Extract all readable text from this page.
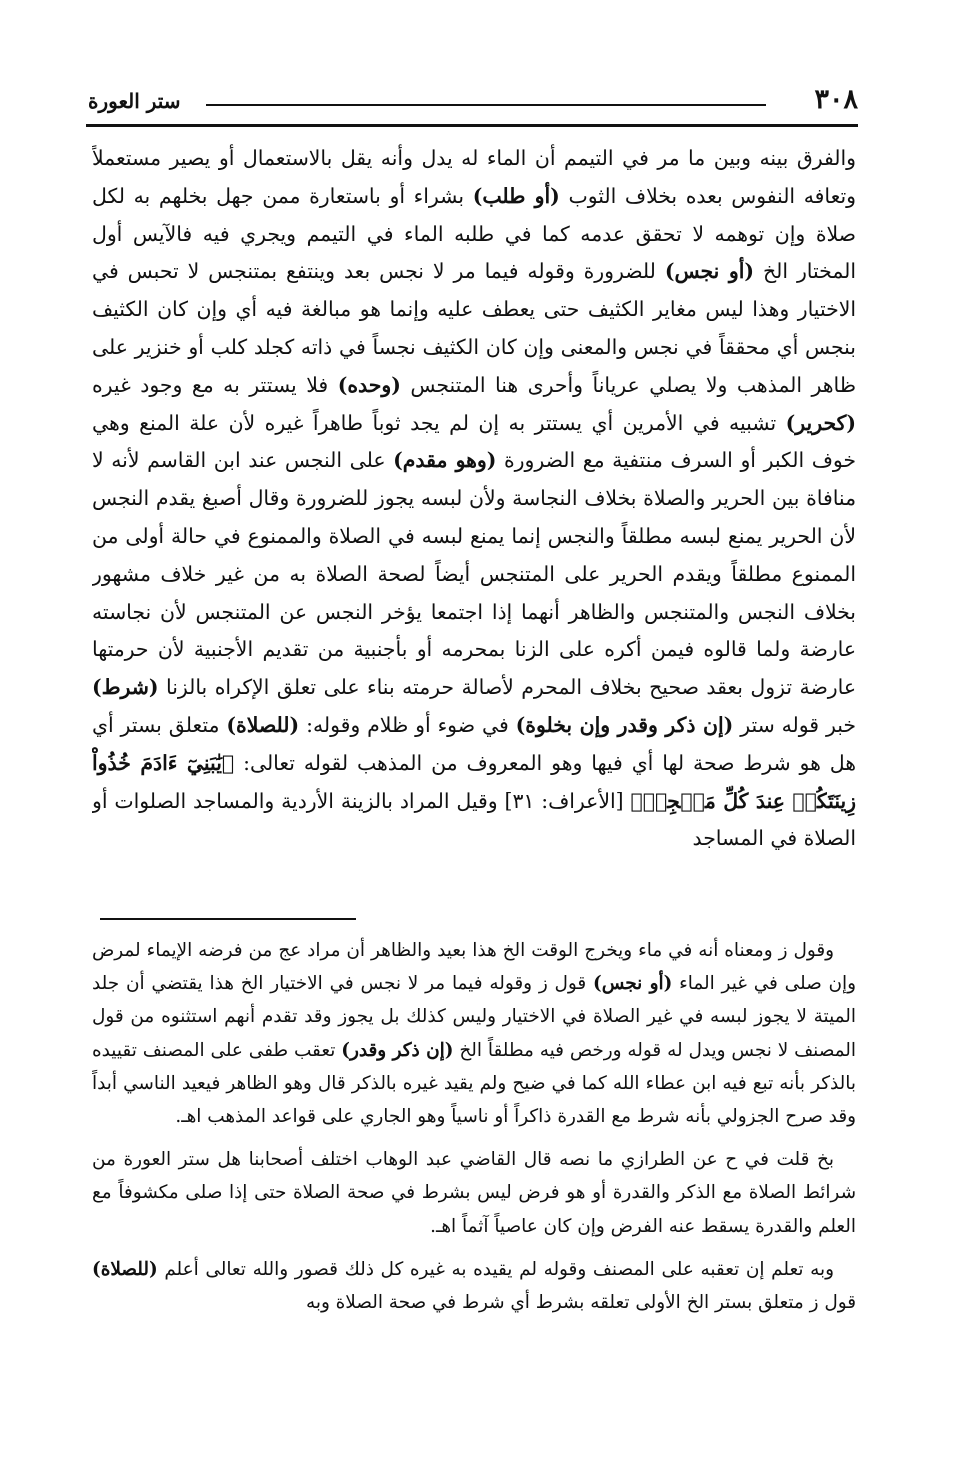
٣٠٨
ستر العورة

والفرق بينه وبين ما مر في التيمم أن الماء له يدل وأنه يقل بالاستعمال أو يصير مستعملاً وتعافه النفوس بعده بخلاف الثوب (أو طلب) بشراء أو باستعارة ممن جهل بخلهم به لكل صلاة وإن توهمه لا تحقق عدمه كما في طلبه الماء في التيمم ويجري فيه فالآيس أول المختار الخ (أو نجس) للضرورة وقوله فيما مر لا نجس بعد وينتفع بمتنجس لا تحبس في الاختيار وهذا ليس مغاير الكثيف حتى يعطف عليه وإنما هو مبالغة فيه أي وإن كان الكثيف بنجس أي محققاً في نجس والمعنى وإن كان الكثيف نجساً في ذاته كجلد كلب أو خنزير على ظاهر المذهب ولا يصلي عرياناً وأحرى هنا المتنجس (وحده) فلا يستتر به مع وجود غيره (كحرير) تشبيه في الأمرين أي يستتر به إن لم يجد ثوباً طاهراً غيره لأن علة المنع وهي خوف الكبر أو السرف منتفية مع الضرورة (وهو مقدم) على النجس عند ابن القاسم لأنه لا منافاة بين الحرير والصلاة بخلاف النجاسة ولأن لبسه يجوز للضرورة وقال أصبغ يقدم النجس لأن الحرير يمنع لبسه مطلقاً والنجس إنما يمنع لبسه في الصلاة والممنوع في حالة أولى من الممنوع مطلقاً ويقدم الحرير على المتنجس أيضاً لصحة الصلاة به من غير خلاف مشهور بخلاف النجس والمتنجس والظاهر أنهما إذا اجتمعا يؤخر النجس عن المتنجس لأن نجاسته عارضة ولما قالوه فيمن أكره على الزنا بمحرمه أو بأجنبية من تقديم الأجنبية لأن حرمتها عارضة تزول بعقد صحيح بخلاف المحرم لأصالة حرمته بناء على تعلق الإكراه بالزنا (شرط) خبر قوله ستر (إن ذكر وقدر وإن بخلوة) في ضوء أو ظلام وقوله: (للصلاة) متعلق بستر أي هل هو شرط صحة لها أي فيها وهو المعروف من المذهب لقوله تعالى: ﴿يَٰبَنِيٓ ءَادَمَ خُذُواْ زِينَتَكُمۡ عِندَ كُلِّ مَسۡجِدٖ﴾ [الأعراف: ٣١] وقيل المراد بالزينة الأردية والمساجد الصلوات أو الصلاة في المساجد

وقول ز ومعناه أنه في ماء ويخرج الوقت الخ هذا بعيد والظاهر أن مراد عج من فرضه الإيماء لمرض وإن صلى في غير الماء (أو نجس) قول ز وقوله فيما مر لا نجس في الاختيار الخ هذا يقتضي أن جلد الميتة لا يجوز لبسه في غير الصلاة في الاختيار وليس كذلك بل يجوز وقد تقدم أنهم استثنوه من قول المصنف لا نجس ويدل له قوله ورخص فيه مطلقاً الخ (إن ذكر وقدر) تعقب طفى على المصنف تقييده بالذكر بأنه تبع فيه ابن عطاء الله كما في ضيح ولم يقيد غيره بالذكر قال وهو الظاهر فيعيد الناسي أبداً وقد صرح الجزولي بأنه شرط مع القدرة ذاكراً أو ناسياً وهو الجاري على قواعد المذهب اهـ.

بخ قلت في ح عن الطرازي ما نصه قال القاضي عبد الوهاب اختلف أصحابنا هل ستر العورة من شرائط الصلاة مع الذكر والقدرة أو هو فرض ليس بشرط في صحة الصلاة حتى إذا صلى مكشوفاً مع العلم والقدرة يسقط عنه الفرض وإن كان عاصياً آثماً اهـ.

وبه تعلم إن تعقبه على المصنف وقوله لم يقيده به غيره كل ذلك قصور والله تعالى أعلم (للصلاة) قول ز متعلق بستر الخ الأولى تعلقه بشرط أي شرط في صحة الصلاة وبه
